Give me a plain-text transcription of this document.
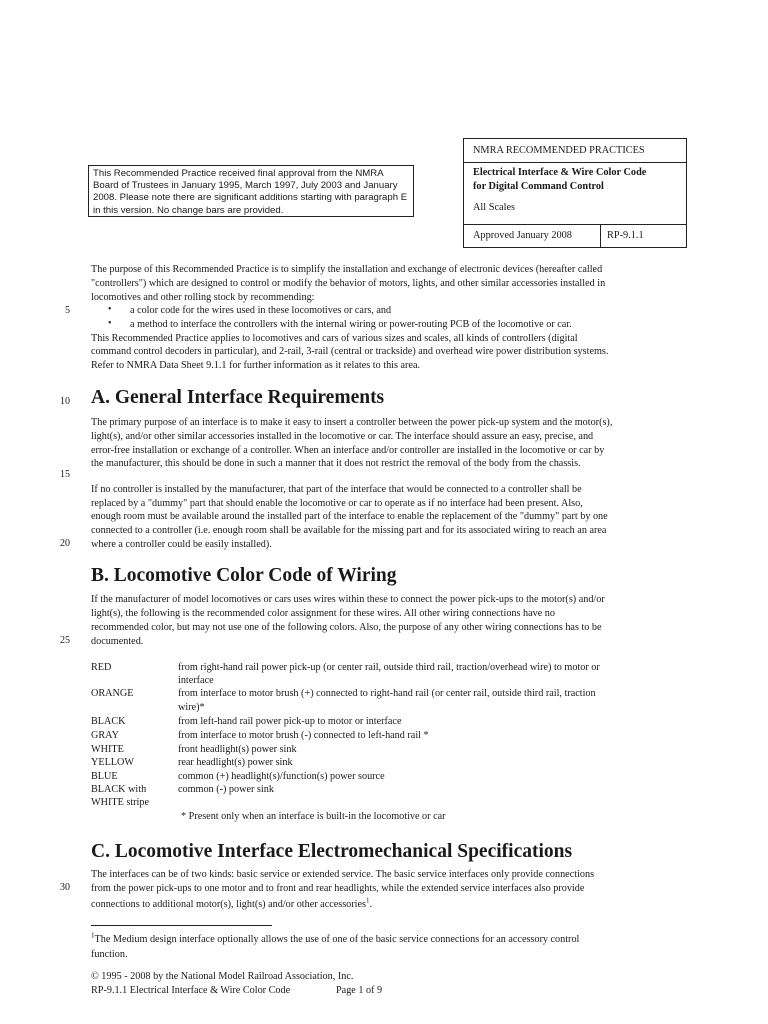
This Recommended Practice received final approval from the NMRA
Board of Trustees in January 1995, March 1997, July 2003 and January
2008. Please note there are significant additions starting with paragraph E
in this version. No change bars are provided.
NMRA RECOMMENDED PRACTICES
Electrical Interface & Wire Color Code
for Digital Command Control
All Scales
Approved January 2008	RP-9.1.1
The purpose of this Recommended Practice is to simplify the installation and exchange of electronic devices (hereafter called
"controllers") which are designed to control or modify the behavior of motors, lights, and other similar accessories installed in
locomotives and other rolling stock by recommending:
5	• a color code for the wires used in these locomotives or cars, and
• a method to interface the controllers with the internal wiring or power-routing PCB of the locomotive or car.
This Recommended Practice applies to locomotives and cars of various sizes and scales, all kinds of controllers (digital
command control decoders in particular), and 2-rail, 3-rail (central or trackside) and overhead wire power distribution systems.
Refer to NMRA Data Sheet 9.1.1 for further information as it relates to this area.
10 A. General Interface Requirements
The primary purpose of an interface is to make it easy to insert a controller between the power pick-up system and the motor(s),
light(s), and/or other similar accessories installed in the locomotive or car. The interface should assure an easy, precise, and
error-free installation or exchange of a controller. When an interface and/or controller are installed in the locomotive or car by
the manufacturer, this should be done in such a manner that it does not restrict the removal of the body from the chassis.
15
If no controller is installed by the manufacturer, that part of the interface that would be connected to a controller shall be
replaced by a "dummy" part that should enable the locomotive or car to operate as if no interface had been present. Also,
enough room must be available around the installed part of the interface to enable the replacement of the "dummy" part by one
connected to a controller (i.e. enough room shall be available for the missing part and for its associated wiring to reach an area
20 where a controller could be easily installed).
B. Locomotive Color Code of Wiring
If the manufacturer of model locomotives or cars uses wires within these to connect the power pick-ups to the motor(s) and/or
light(s), the following is the recommended color assignment for these wires. All other wiring connections have no
recommended color, but may not use one of the following colors. Also, the purpose of any other wiring connections has to be
25 documented.
RED	from right-hand rail power pick-up (or center rail, outside third rail, traction/overhead wire) to motor or
interface
ORANGE	from interface to motor brush (+) connected to right-hand rail (or center rail, outside third rail, traction
wire)*
BLACK	from left-hand rail power pick-up to motor or interface
GRAY	from interface to motor brush (-) connected to left-hand rail *
WHITE	front headlight(s) power sink
YELLOW	rear headlight(s) power sink
BLUE	common (+) headlight(s)/function(s) power source
BLACK with	common (-) power sink
WHITE stripe
* Present only when an interface is built-in the locomotive or car
C. Locomotive Interface Electromechanical Specifications
The interfaces can be of two kinds: basic service or extended service. The basic service interfaces only provide connections
30 from the power pick-ups to one motor and to front and rear headlights, while the extended service interfaces also provide
connections to additional motor(s), light(s) and/or other accessories$^1$.
$^1$The Medium design interface optionally allows the use of one of the basic service connections for an accessory control
function.
© 1995 - 2008 by the National Model Railroad Association, Inc.
RP-9.1.1 Electrical Interface & Wire Color Code	Page 1 of 9
